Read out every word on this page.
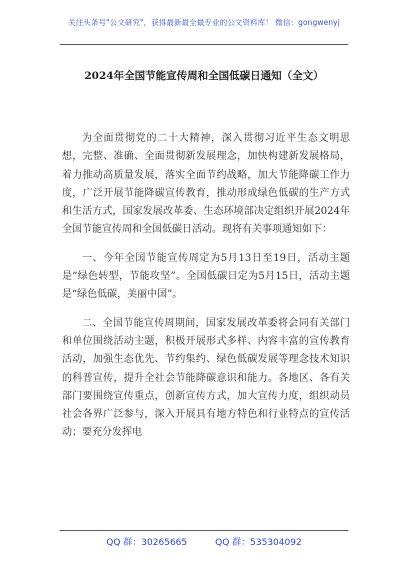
关注头条号"公文研究"，获得最新最全最专业的公文资料库！ 微信：gongwenyj
2024年全国节能宣传周和全国低碳日通知（全文）

为全面贯彻党的二十大精神，深入贯彻习近平生态文明思想，完整、准确、全面贯彻新发展理念，加快构建新发展格局，着力推动高质量发展，落实全面节约战略，加大节能降碳工作力度，广泛开展节能降碳宣传教育，推动形成绿色低碳的生产方式和生活方式，国家发展改革委、生态环境部决定组织开展2024年全国节能宣传周和全国低碳日活动。现将有关事项通知如下：

一、今年全国节能宣传周定为5月13日至19日，活动主题是“绿色转型，节能攻坚”。全国低碳日定为5月15日，活动主题是“绿色低碳，美丽中国”。

二、全国节能宣传周期间，国家发展改革委将会同有关部门和单位围绕活动主题，积极开展形式多样、内容丰富的宣传教育活动，加强生态优先、节约集约、绿色低碳发展等理念技术知识的科普宣传，提升全社会节能降碳意识和能力。各地区、各有关部门要围绕宣传重点，创新宣传方式，加大宣传力度，组织动员社会各界广泛参与，深入开展具有地方特色和行业特点的宣传活动；要充分发挥电

QQ 群：30265665	QQ 群：535304092
